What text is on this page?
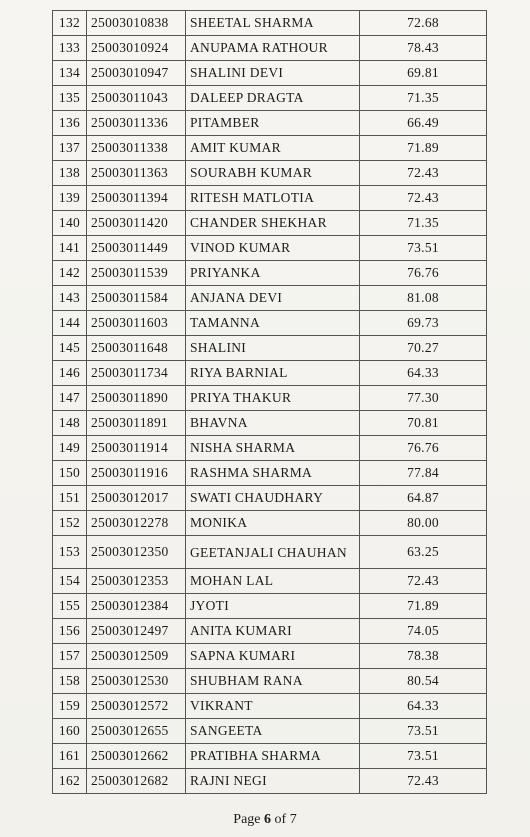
132	25003010838	SHEETAL SHARMA	72.68
133	25003010924	ANUPAMA RATHOUR	78.43
134	25003010947	SHALINI DEVI	69.81
135	25003011043	DALEEP DRAGTA	71.35
136	25003011336	PITAMBER	66.49
137	25003011338	AMIT KUMAR	71.89
138	25003011363	SOURABH KUMAR	72.43
139	25003011394	RITESH MATLOTIA	72.43
140	25003011420	CHANDER SHEKHAR	71.35
141	25003011449	VINOD KUMAR	73.51
142	25003011539	PRIYANKA	76.76
143	25003011584	ANJANA DEVI	81.08
144	25003011603	TAMANNA	69.73
145	25003011648	SHALINI	70.27
146	25003011734	RIYA BARNIAL	64.33
147	25003011890	PRIYA THAKUR	77.30
148	25003011891	BHAVNA	70.81
149	25003011914	NISHA SHARMA	76.76
150	25003011916	RASHMA SHARMA	77.84
151	25003012017	SWATI CHAUDHARY	64.87
152	25003012278	MONIKA	80.00
153	25003012350	GEETANJALI CHAUHAN	63.25
154	25003012353	MOHAN LAL	72.43
155	25003012384	JYOTI	71.89
156	25003012497	ANITA KUMARI	74.05
157	25003012509	SAPNA KUMARI	78.38
158	25003012530	SHUBHAM RANA	80.54
159	25003012572	VIKRANT	64.33
160	25003012655	SANGEETA	73.51
161	25003012662	PRATIBHA SHARMA	73.51
162	25003012682	RAJNI NEGI	72.43
Page 6 of 7
